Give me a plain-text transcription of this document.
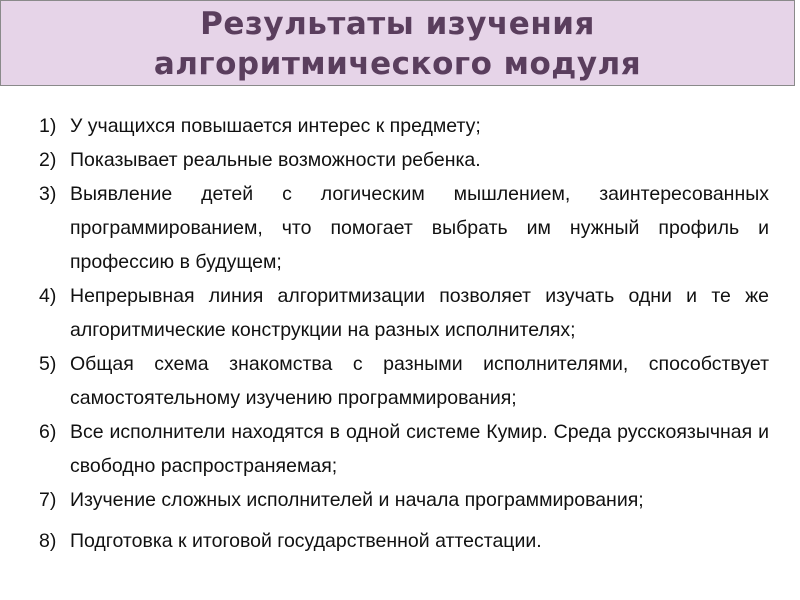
Результаты изучения
алгоритмического модуля
1) У учащихся повышается интерес к предмету;
2) Показывает реальные возможности ребенка.
3) Выявление детей с логическим мышлением, заинтересованных программированием, что помогает выбрать им нужный профиль и профессию в будущем;
4) Непрерывная линия алгоритмизации позволяет изучать одни и те же алгоритмические конструкции на разных исполнителях;
5) Общая схема знакомства с разными исполнителями, способствует самостоятельному изучению программирования;
6) Все исполнители находятся в одной системе Кумир. Среда русскоязычная и свободно распространяемая;
7) Изучение сложных исполнителей и начала программирования;
8) Подготовка к итоговой государственной аттестации.
